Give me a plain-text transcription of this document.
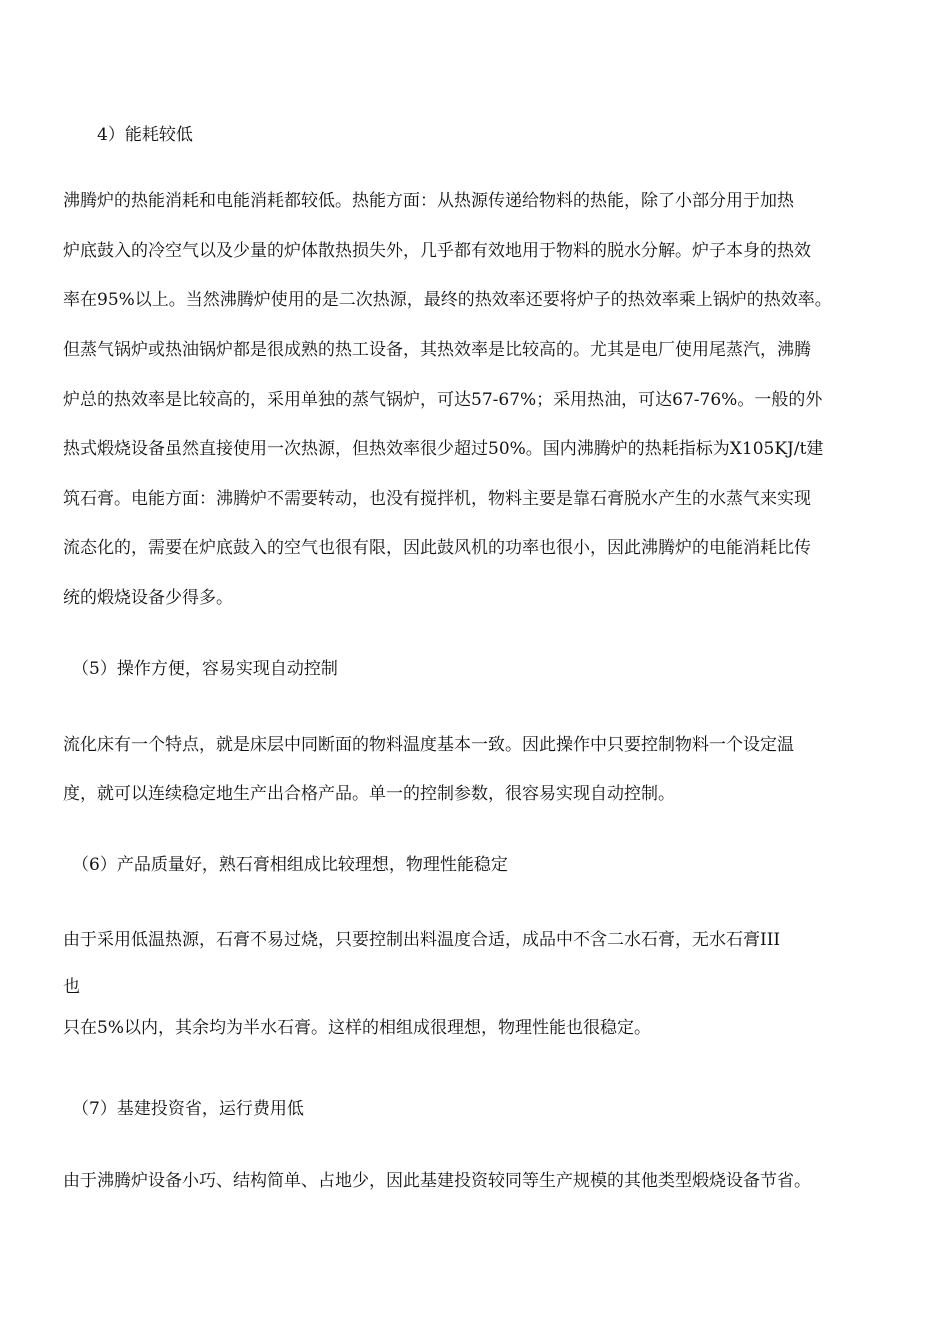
4）能耗较低
沸腾炉的热能消耗和电能消耗都较低。热能方面：从热源传递给物料的热能，除了小部分用于加热
炉底鼓入的冷空气以及少量的炉体散热损失外，几乎都有效地用于物料的脱水分解。炉子本身的热效
率在95%以上。当然沸腾炉使用的是二次热源，最终的热效率还要将炉子的热效率乘上锅炉的热效率。
但蒸气锅炉或热油锅炉都是很成熟的热工设备，其热效率是比较高的。尤其是电厂使用尾蒸汽，沸腾
炉总的热效率是比较高的，采用单独的蒸气锅炉，可达57-67%；采用热油，可达67-76%。一般的外
热式煅烧设备虽然直接使用一次热源，但热效率很少超过50%。国内沸腾炉的热耗指标为X105KJ/t建
筑石膏。电能方面：沸腾炉不需要转动，也没有搅拌机，物料主要是靠石膏脱水产生的水蒸气来实现
流态化的，需要在炉底鼓入的空气也很有限，因此鼓风机的功率也很小，因此沸腾炉的电能消耗比传
统的煅烧设备少得多。
（5）操作方便，容易实现自动控制
流化床有一个特点，就是床层中同断面的物料温度基本一致。因此操作中只要控制物料一个设定温
度，就可以连续稳定地生产出合格产品。单一的控制参数，很容易实现自动控制。
（6）产品质量好，熟石膏相组成比较理想，物理性能稳定
由于采用低温热源，石膏不易过烧，只要控制出料温度合适，成品中不含二水石膏，无水石膏III
也
只在5%以内，其余均为半水石膏。这样的相组成很理想，物理性能也很稳定。
（7）基建投资省，运行费用低
由于沸腾炉设备小巧、结构简单、占地少，因此基建投资较同等生产规模的其他类型煅烧设备节省。
